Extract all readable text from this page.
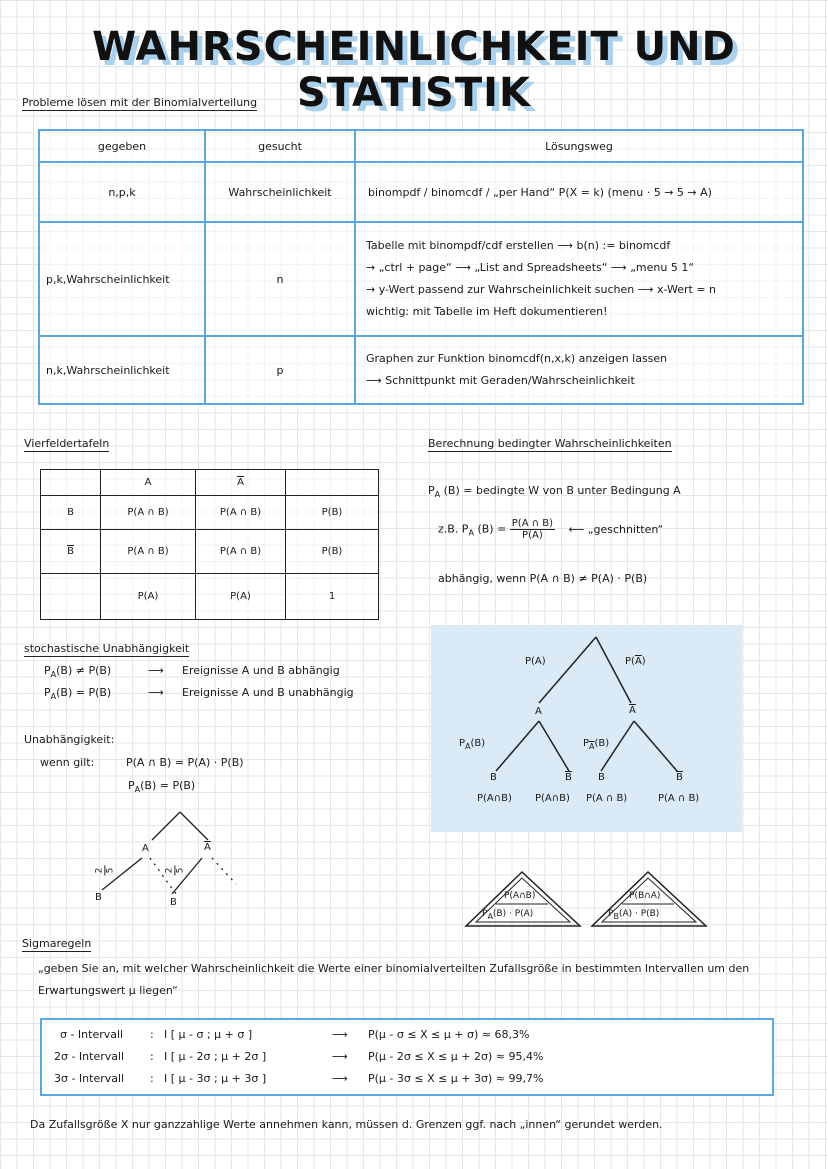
WAHRSCHEINLICHKEIT UND STATISTIK
Probleme lösen mit der Binomialverteilung
gegeben	gesucht	Lösungsweg
n,p,k	Wahrscheinlichkeit	binompdf / binomcdf / „per Hand“ P(X = k) (menu · 5 → 5 → A)
p,k,Wahrscheinlichkeit	n	Tabelle mit binompdf/cdf erstellen ⟶ b(n) := binomcdf
→ „ctrl + page“ ⟶ „List and Spreadsheets“ ⟶ „menu 5 1“
→ y-Wert passend zur Wahrscheinlichkeit suchen ⟶ x-Wert = n
wichtig: mit Tabelle im Heft dokumentieren!

n,k,Wahrscheinlichkeit	p	Graphen zur Funktion binomcdf(n,x,k) anzeigen lassen
⟶ Schnittpunkt mit Geraden/Wahrscheinlichkeit
Vierfeldertafeln
	A	$\overline{A}$	
B	P(A ∩ B)	P(A ∩ B)	P(B)
$\overline{B}$	P(A ∩ B)	P(A ∩ B)	P(B)
	P(A)	P(A)	1
Berechnung bedingter Wahrscheinlichkeiten
$P_A$ (B) = bedingte W von B unter Bedingung A
z.B. $P_A$ $(B) = \frac{P(A \cap B)}{P(A)}$ ⟵ „geschnitten“
abhängig, wenn P(A ∩ B) ≠ P(A) · P(B)
P(A)	$P(\overline{A})$
A	$\overline{A}$
$P_A(B)$	$P_{\overline{A}}(B)$
B	$\overline{B}$	B	$\overline{B}$
P(A∩B) P(A∩B) P(A ∩ B)	P(A ∩ B)
P(A∩B)
PA(B) · P(A)
P(B∩A)
PB(A) · P(B)
stochastische Unabhängigkeit
$P_A(B) \ne P(B)$	⟶ Ereignisse A und B abhängig
$P_A(B) = P(B)$	⟶ Ereignisse A und B unabhängig
Unabhängigkeit:
wenn gilt:	P(A ∩ B) = P(A) · P(B)
$P_A(B) = P(B)$
A	$\overline{A}$
2 5	2 5
B	B
Sigmaregeln
„geben Sie an, mit welcher Wahrscheinlichkeit die Werte einer binomialverteilten Zufallsgröße in bestimmten Intervallen um den Erwartungswert μ liegen“
σ - Intervall : I [ μ - σ ; μ + σ ]	⟶ P(μ - σ ≤ X ≤ μ + σ) ≈ 68,3%
2σ - Intervall : I [ μ - 2σ ; μ + 2σ ]	⟶ P(μ - 2σ ≤ X ≤ μ + 2σ) ≈ 95,4%
3σ - Intervall : I [ μ - 3σ ; μ + 3σ ]	⟶ P(μ - 3σ ≤ X ≤ μ + 3σ) ≈ 99,7%
Da Zufallsgröße X nur ganzzahlige Werte annehmen kann, müssen d. Grenzen ggf. nach „innen“ gerundet werden.
